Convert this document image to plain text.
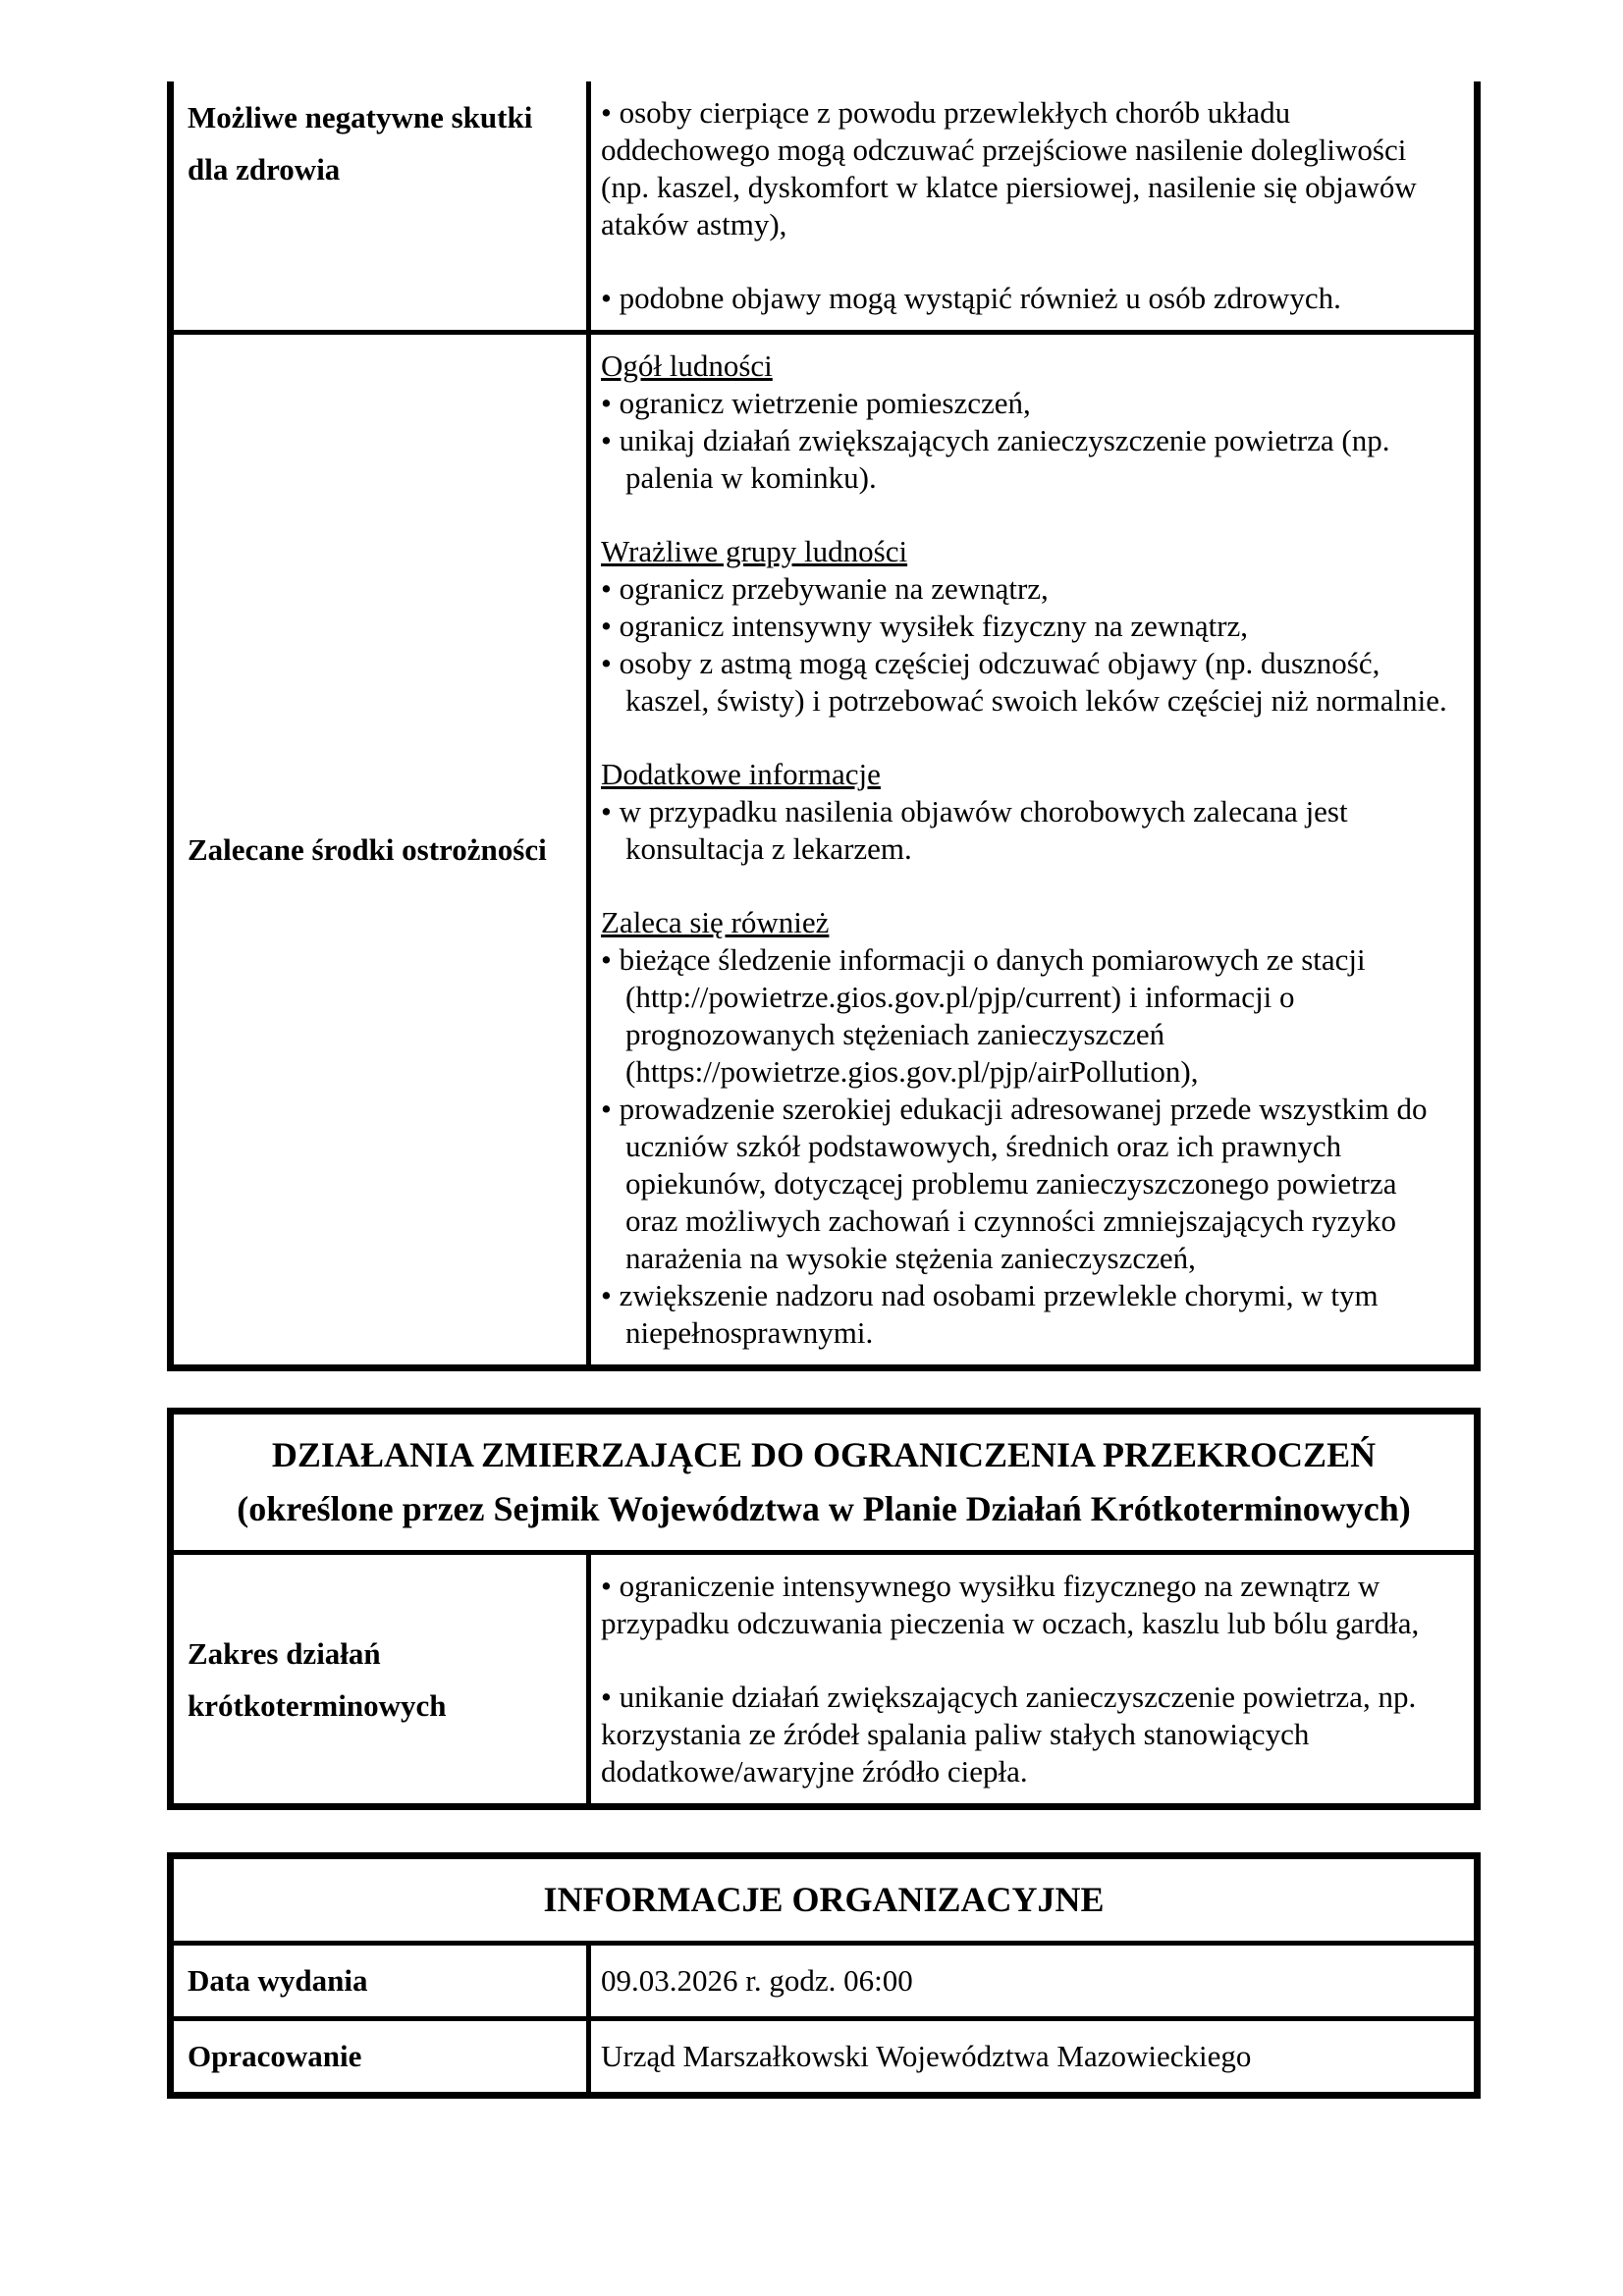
Możliwe negatywne skutki dla zdrowia
• osoby cierpiące z powodu przewlekłych chorób układu oddechowego mogą odczuwać przejściowe nasilenie dolegliwości (np. kaszel, dyskomfort w klatce piersiowej, nasilenie się objawów ataków astmy),
• podobne objawy mogą wystąpić również u osób zdrowych.
Zalecane środki ostrożności
Ogół ludności
• ogranicz wietrzenie pomieszczeń,
• unikaj działań zwiększających zanieczyszczenie powietrza (np. palenia w kominku).
Wrażliwe grupy ludności
• ogranicz przebywanie na zewnątrz,
• ogranicz intensywny wysiłek fizyczny na zewnątrz,
• osoby z astmą mogą częściej odczuwać objawy (np. duszność, kaszel, świsty) i potrzebować swoich leków częściej niż normalnie.
Dodatkowe informacje
• w przypadku nasilenia objawów chorobowych zalecana jest konsultacja z lekarzem.
Zaleca się również
• bieżące śledzenie informacji o danych pomiarowych ze stacji (http://powietrze.gios.gov.pl/pjp/current) i informacji o prognozowanych stężeniach zanieczyszczeń (https://powietrze.gios.gov.pl/pjp/airPollution),
• prowadzenie szerokiej edukacji adresowanej przede wszystkim do uczniów szkół podstawowych, średnich oraz ich prawnych opiekunów, dotyczącej problemu zanieczyszczonego powietrza oraz możliwych zachowań i czynności zmniejszających ryzyko narażenia na wysokie stężenia zanieczyszczeń,
• zwiększenie nadzoru nad osobami przewlekle chorymi, w tym niepełnosprawnymi.
DZIAŁANIA ZMIERZAJĄCE DO OGRANICZENIA PRZEKROCZEŃ
(określone przez Sejmik Województwa w Planie Działań Krótkoterminowych)
Zakres działań krótkoterminowych
• ograniczenie intensywnego wysiłku fizycznego na zewnątrz w przypadku odczuwania pieczenia w oczach, kaszlu lub bólu gardła,
• unikanie działań zwiększających zanieczyszczenie powietrza, np. korzystania ze źródeł spalania paliw stałych stanowiących dodatkowe/awaryjne źródło ciepła.
INFORMACJE ORGANIZACYJNE
Data wydania	09.03.2026 r. godz. 06:00
Opracowanie	Urząd Marszałkowski Województwa Mazowieckiego
